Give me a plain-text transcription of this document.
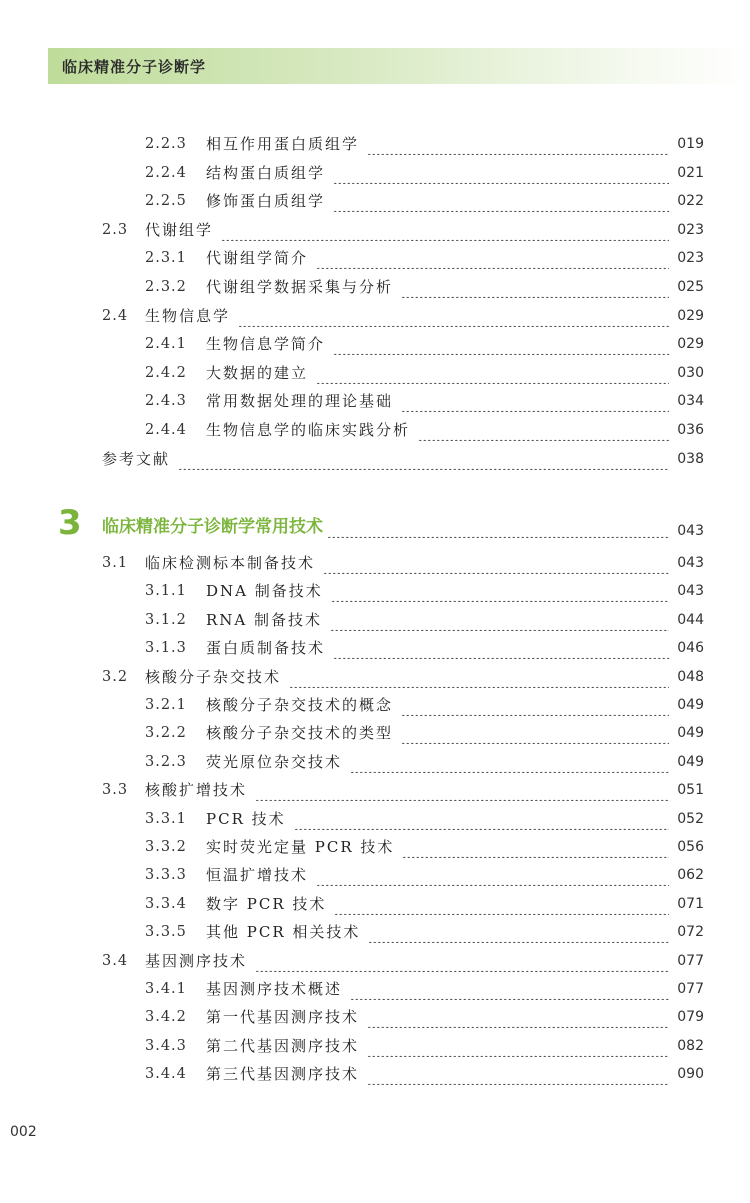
临床精准分子诊断学
2.2.3 相互作用蛋白质组学	019
2.2.4 结构蛋白质组学	021
2.2.5 修饰蛋白质组学	022
2.3 代谢组学	023
2.3.1 代谢组学简介	023
2.3.2 代谢组学数据采集与分析	025
2.4 生物信息学	029
2.4.1 生物信息学简介	029
2.4.2 大数据的建立	030
2.4.3 常用数据处理的理论基础	034
2.4.4 生物信息学的临床实践分析	036
参考文献	038
3 临床精准分子诊断学常用技术	043
3.1 临床检测标本制备技术	043
3.1.1 DNA 制备技术	043
3.1.2 RNA 制备技术	044
3.1.3 蛋白质制备技术	046
3.2 核酸分子杂交技术	048
3.2.1 核酸分子杂交技术的概念	049
3.2.2 核酸分子杂交技术的类型	049
3.2.3 荧光原位杂交技术	049
3.3 核酸扩增技术	051
3.3.1 PCR 技术	052
3.3.2 实时荧光定量 PCR 技术	056
3.3.3 恒温扩增技术	062
3.3.4 数字 PCR 技术	071
3.3.5 其他 PCR 相关技术	072
3.4 基因测序技术	077
3.4.1 基因测序技术概述	077
3.4.2 第一代基因测序技术	079
3.4.3 第二代基因测序技术	082
3.4.4 第三代基因测序技术	090
002
